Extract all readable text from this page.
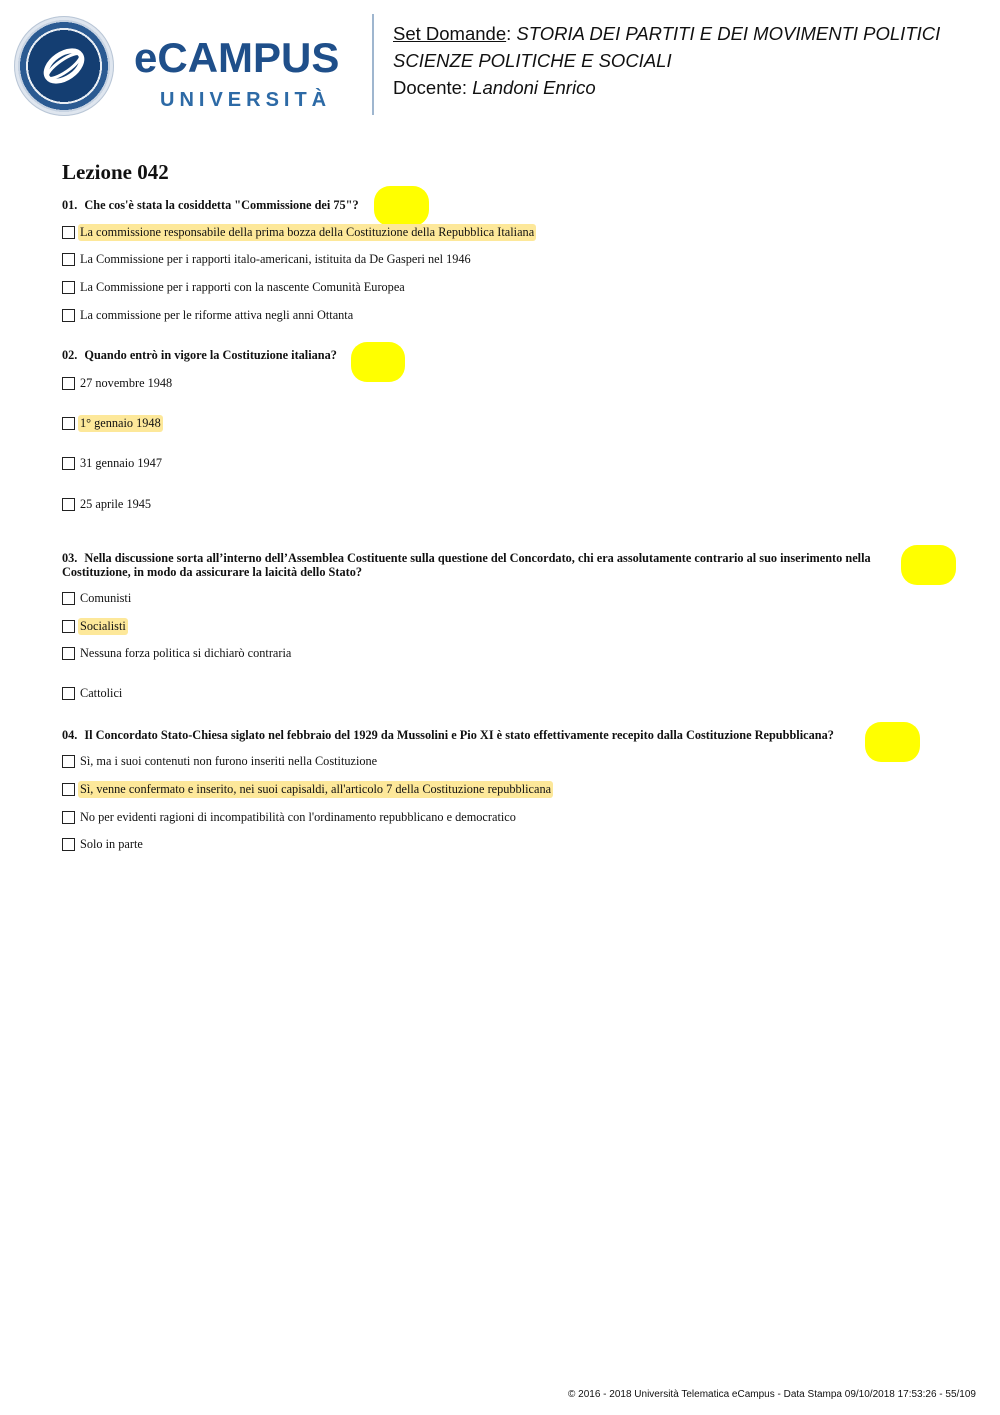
eCAMPUS
UNIVERSITÀ
Set Domande: STORIA DEI PARTITI E DEI MOVIMENTI POLITICI
SCIENZE POLITICHE E SOCIALI
Docente: Landoni Enrico
Lezione 042
01. Che cos'è stata la cosiddetta "Commissione dei 75"?
La commissione responsabile della prima bozza della Costituzione della Repubblica Italiana
La Commissione per i rapporti italo-americani, istituita da De Gasperi nel 1946
La Commissione per i rapporti con la nascente Comunità Europea
La commissione per le riforme attiva negli anni Ottanta
02. Quando entrò in vigore la Costituzione italiana?
27 novembre 1948
1° gennaio 1948
31 gennaio 1947
25 aprile 1945
03. Nella discussione sorta all’interno dell’Assemblea Costituente sulla questione del Concordato, chi era assolutamente contrario al suo inserimento nella
Costituzione, in modo da assicurare la laicità dello Stato?
Comunisti
Socialisti
Nessuna forza politica si dichiarò contraria
Cattolici
04. Il Concordato Stato-Chiesa siglato nel febbraio del 1929 da Mussolini e Pio XI è stato effettivamente recepito dalla Costituzione Repubblicana?
Sì, ma i suoi contenuti non furono inseriti nella Costituzione
Sì, venne confermato e inserito, nei suoi capisaldi, all'articolo 7 della Costituzione repubblicana
No per evidenti ragioni di incompatibilità con l'ordinamento repubblicano e democratico
Solo in parte
© 2016 - 2018 Università Telematica eCampus - Data Stampa 09/10/2018 17:53:26 - 55/109
